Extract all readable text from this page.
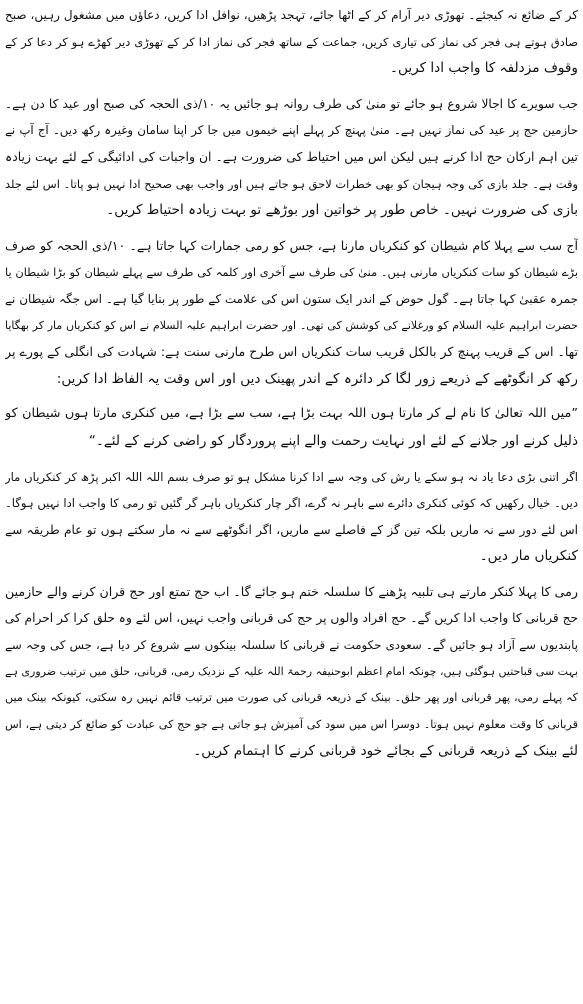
کر کے ضائع نہ کیجئے۔ تھوڑی دیر آرام کر کے اٹھا جائے، تہجد پڑھیں، نوافل ادا کریں، دعاؤں میں مشغول رہیں، صبح
صادق ہوتے ہی فجر کی نماز کی تیاری کریں، جماعت کے ساتھ فجر کی نماز ادا کر کے تھوڑی دیر کھڑے ہو کر دعا کر کے
وقوف مزدلفہ کا واجب ادا کریں۔
جب سویرے کا اجالا شروع ہو جائے تو منیٰ کی طرف روانہ ہو جائیں یہ ۱۰/ذی الحجہ کی صبح اور عید کا دن ہے۔
حازمین حج پر عید کی نماز نہیں ہے۔ منیٰ پہنچ کر پہلے اپنے خیموں میں جا کر اپنا سامان وغیرہ رکھ دیں۔ آج آپ نے
تین اہم ارکان حج ادا کرنے ہیں لیکن اس میں احتیاط کی ضرورت ہے۔ ان واجبات کی ادائیگی کے لئے بہت زیادہ
وقت ہے۔ جلد بازی کی وجہ ہیجان کو بھی خطرات لاحق ہو جاتے ہیں اور واجب بھی صحیح ادا نہیں ہو پاتا۔ اس لئے جلد
بازی کی ضرورت نہیں۔ خاص طور پر خواتین اور بوڑھے تو بہت زیادہ احتیاط کریں۔
آج سب سے پہلا کام شیطان کو کنکریاں مارنا ہے، جس کو رمی جمارات کہا جاتا ہے۔ ۱۰/ذی الحجہ کو صرف
بڑے شیطان کو سات کنکریاں مارنی ہیں۔ منیٰ کی طرف سے آخری اور کلمہ کی طرف سے پہلے شیطان کو بڑا شیطان یا
جمرہ عقبیٰ کہا جاتا ہے۔ گول حوض کے اندر ایک ستون اس کی علامت کے طور پر بنایا گیا ہے۔ اس جگہ شیطان نے
حضرت ابراہیم علیہ السلام کو ورغلانے کی کوشش کی تھی۔ اور حضرت ابراہیم علیہ السلام نے اس کو کنکریاں مار کر بھگایا
تھا۔ اس کے قریب پہنچ کر بالکل قریب سات کنکریاں اس طرح مارنی سنت ہے: شہادت کی انگلی کے پورے پر
رکھ کر انگوٹھے کے ذریعے زور لگا کر دائرہ کے اندر پھینک دیں اور اس وقت یہ الفاظ ادا کریں:
”میں اللہ تعالیٰ کا نام لے کر مارتا ہوں اللہ بہت بڑا ہے، سب سے بڑا ہے، میں کنکری مارتا ہوں شیطان کو
ذلیل کرنے اور جلانے کے لئے اور نہایت رحمت والے اپنے پروردگار کو راضی کرنے کے لئے۔“
اگر اتنی بڑی دعا یاد نہ ہو سکے یا رش کی وجہ سے ادا کرنا مشکل ہو تو صرف بسم اللہ اللہ اکبر پڑھ کر کنکریاں مار
دیں۔ خیال رکھیں کہ کوئی کنکری دائرے سے باہر نہ گرے، اگر چار کنکریاں باہر گر گئیں تو رمی کا واجب ادا نہیں ہوگا۔
اس لئے دور سے نہ ماریں بلکہ تین گز کے فاصلے سے ماریں، اگر انگوٹھے سے نہ مار سکتے ہوں تو عام طریقہ سے
کنکریاں مار دیں۔
رمی کا پہلا کنکر مارتے ہی تلبیہ پڑھنے کا سلسلہ ختم ہو جائے گا۔ اب حج تمتع اور حج قران کرنے والے حازمین
حج قربانی کا واجب ادا کریں گے۔ حج افراد والوں پر حج کی قربانی واجب نہیں، اس لئے وہ حلق کرا کر احرام کی
پابندیوں سے آزاد ہو جائیں گے۔ سعودی حکومت نے قربانی کا سلسلہ بینکوں سے شروع کر دیا ہے، جس کی وجہ سے
بہت سی قباحتیں ہوگئی ہیں، چونکہ امام اعظم ابوحنیفہ رحمۃ اللہ علیہ کے نزدیک رمی، قربانی، حلق میں ترتیب ضروری ہے
کہ پہلے رمی، پھر قربانی اور پھر حلق۔ بینک کے ذریعہ قربانی کی صورت میں ترتیب قائم نہیں رہ سکتی، کیونکہ بینک میں
قربانی کا وقت معلوم نہیں ہوتا۔ دوسرا اس میں سود کی آمیزش ہو جاتی ہے جو حج کی عبادت کو ضائع کر دیتی ہے، اس
لئے بینک کے ذریعہ قربانی کے بجائے خود قربانی کرنے کا اہتمام کریں۔
